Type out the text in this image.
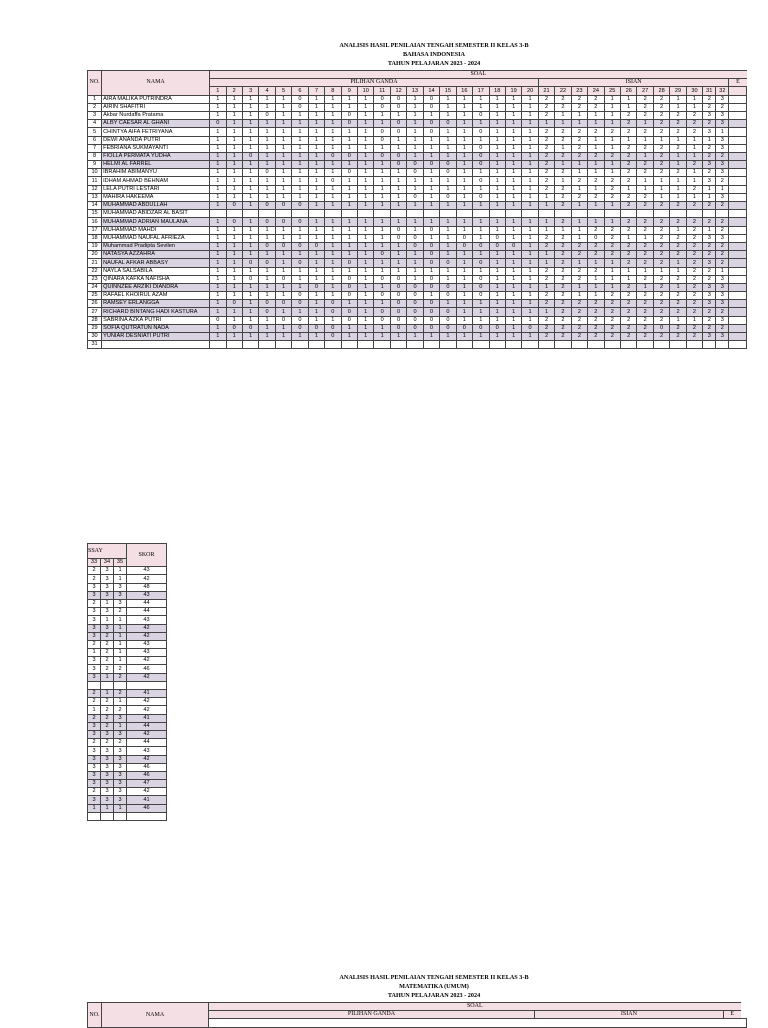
ANALISIS HASIL PENILAIAN TENGAH SEMESTER II KELAS 3-B
BAHASA INDONESIA
TAHUN PELAJARAN 2023 - 2024
NO.	NAMA	SOAL																																
		PILIHAN GANDA																				ISIAN												E
		1	2	3	4	5	6	7	8	9	10	11	12	13	14	15	16	17	18	19	20	21	22	23	24	25	26	27	28	29	30	31	32	
1	AIRA MALIKA PUTRINDRA	1	1	1	1	1	0	1	1	1	1	0	0	1	0	1	1	1	1	1	1	2	2	2	2	1	1	2	2	1	1	2	3	
2	AIRIN SHAFITRI	1	1	1	1	1	0	1	1	1	1	0	0	1	0	1	1	1	1	1	1	2	2	2	2	1	1	2	2	1	1	2	2	
3	Akbar Nurdaffa Pratama	1	1	1	0	1	1	1	1	0	1	1	1	1	1	1	1	0	1	1	1	2	1	1	1	1	2	2	2	2	2	3	3	
4	ALBY CAESAR AL GHANI	0	1	1	1	1	1	1	1	0	1	1	0	1	0	0	1	1	1	1	1	1	1	1	1	1	2	1	2	2	2	2	3	
5	CHINTYA AIFA FETRIYANA	1	1	1	1	1	1	1	1	1	1	0	0	1	0	1	1	0	1	1	1	2	2	2	2	2	2	2	2	2	2	3	1	
6	DEWI ANANDA PUTRI	1	1	1	1	1	1	1	1	1	1	0	1	1	1	1	1	1	1	1	1	2	2	2	1	1	1	1	1	1	1	1	3	
7	FEBRIANA SUKMAYANTI	1	1	1	1	1	1	1	1	1	1	1	1	1	1	1	1	0	1	1	1	2	1	2	1	1	2	2	2	2	1	2	3	
8	FIOLLA PERMATA YUDHA	1	1	0	1	1	1	1	0	0	1	0	0	1	1	1	1	0	1	1	1	2	2	2	2	2	2	1	2	1	1	2	2	
9	HELMI AL FARREL	1	1	1	1	1	1	1	1	1	1	1	0	0	0	0	1	0	1	1	1	2	1	1	1	1	2	2	2	1	2	3	3	
10	IBRAHIM ABIMANYU	1	1	1	0	1	1	1	1	0	1	1	1	0	1	0	1	1	1	1	1	2	2	1	1	1	2	2	2	2	1	2	3	
11	IDHAM AHMAD BEHNAM	1	1	1	1	1	1	1	0	1	1	1	1	1	1	1	1	0	1	1	1	2	1	2	2	2	2	1	1	1	1	3	2	
12	LELA PUTRI LESTARI	1	1	1	1	1	1	1	1	1	1	1	1	1	1	1	1	1	1	1	1	2	2	1	1	2	1	1	1	1	2	1	1	
13	MAHIRA HAKEEMA	1	1	1	1	1	1	1	1	1	1	1	1	0	1	0	1	0	1	1	1	1	2	2	2	2	2	2	1	1	1	1	3	
14	MUHAMMAD ABDULLAH	1	0	1	0	0	0	1	1	1	1	1	1	1	1	1	1	1	1	1	1	1	2	1	1	1	2	2	2	2	2	2	2	
15	MUHAMMAD ABIDZAR AL BASIT																																	
16	MUHAMMAD ADRIAN MAULANA	1	0	1	0	0	0	1	1	1	1	1	1	1	1	1	1	1	1	1	1	1	2	1	1	1	2	2	2	2	2	2	2	
17	MUHAMMAD MAHDI	1	1	1	1	1	1	1	1	1	1	1	0	1	0	1	1	1	1	1	1	1	1	1	2	2	2	2	2	1	2	1	2	
18	MUHAMMAD NAUFAL AFRIEZA	1	1	1	1	1	1	1	1	1	1	1	0	0	1	1	0	1	0	1	1	2	2	1	0	2	1	1	2	2	2	3	3	
19	Muhammad Pradipta Sevilen	1	1	1	0	0	0	0	1	1	1	1	1	0	0	1	0	0	0	0	1	2	2	2	2	2	2	2	2	2	2	2	2	
20	NATASYA AZZAHRA	1	1	1	1	1	1	1	1	1	1	0	1	1	0	1	1	1	1	1	1	1	2	2	2	2	2	2	2	2	2	2	2	
21	NAUFAL AFKAR ABBASY	1	1	0	0	1	0	1	1	0	1	1	1	1	0	0	1	0	1	1	1	1	2	1	1	1	2	2	2	1	2	3	2	
22	NAYLA SALSABILA	1	1	1	1	1	1	1	1	1	1	1	1	1	1	1	1	1	1	1	1	2	2	2	2	1	1	1	1	1	2	2	1	
23	QINARA KAFKA NAFISHA	1	1	0	1	0	1	1	1	0	1	0	0	1	0	1	1	0	1	1	1	2	2	2	1	1	1	2	2	2	2	2	3	
24	QUINNZEE ARZIKI DIANDRA	1	1	1	1	1	1	0	1	0	1	1	0	0	0	0	1	0	1	1	1	1	2	1	1	1	2	1	2	1	2	3	3	
25	RAFAEL KHOIRUL AZAM	1	1	1	1	1	0	1	1	0	1	0	0	0	1	0	1	0	1	1	1	2	2	1	1	2	2	2	2	2	2	3	3	
26	RAMSEY ERLANGGA	1	0	1	0	0	0	1	0	1	1	1	0	0	0	1	1	1	1	1	1	2	2	2	2	2	2	2	2	2	2	3	3	
27	RICHARD BINTANG HADI KASTURA	1	1	1	0	1	1	1	0	0	1	0	0	0	0	0	1	1	1	1	1	1	2	2	2	2	2	2	2	2	2	2	2	
28	SABRINA AZKA PUTRI	0	1	1	1	0	0	1	1	0	1	0	0	0	0	0	1	1	1	1	1	2	2	2	2	2	2	2	2	1	1	2	3	
29	SOFIA QUTRATUN NADA	1	0	0	1	1	0	0	0	1	1	1	0	0	0	0	0	0	0	1	0	2	2	2	2	2	2	2	0	2	2	2	2	
30	YUNIAR DESNIATI PUTRI	1	1	1	1	1	1	1	0	1	1	1	1	1	1	1	1	1	1	1	1	2	2	2	2	2	2	2	2	2	2	3	3	
31																																		
SSAY			SKOR
33	34	35	
2	3	1	43
2	3	1	42
3	3	3	48
3	3	3	43
2	1	3	44
3	3	2	44
3	1	1	43
3	3	1	42
3	2	1	42
2	2	1	43
1	2	1	43
3	2	1	42
3	2	2	46
3	1	2	42

2	1	2	41
2	2	1	42
1	2	2	42
2	2	3	41
3	2	1	44
3	3	3	42
2	2	2	44
3	3	3	43
3	3	3	42
3	3	3	46
3	3	3	46
3	3	3	47
2	3	3	42
3	3	3	41
1	1	1	46

ANALISIS HASIL PENILAIAN TENGAH SEMESTER II KELAS 3-B
MATEMATIKA (UMUM)
TAHUN PELAJARAN 2023 - 2024
NO.	NAMA	SOAL		
		PILIHAN GANDA	ISIAN	E
